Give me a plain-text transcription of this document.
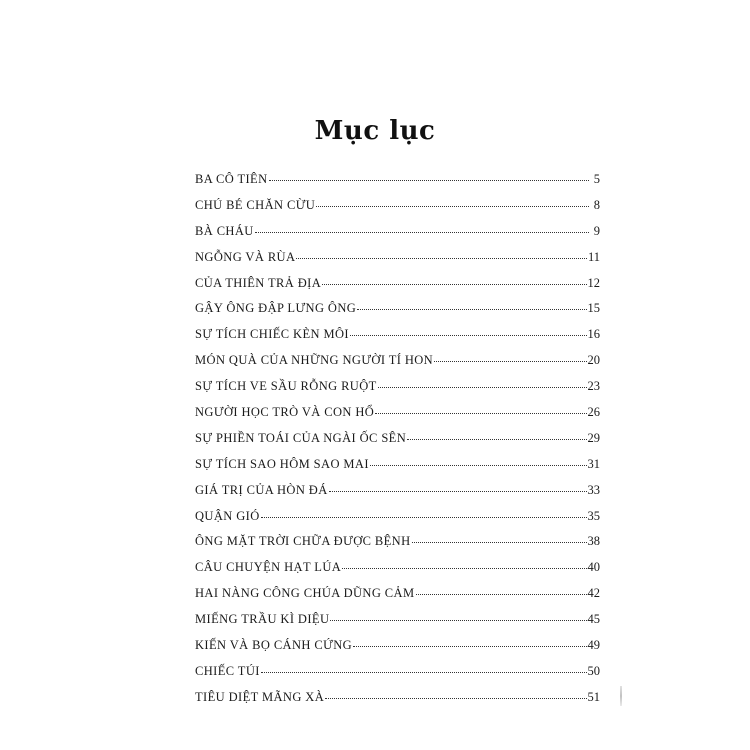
Mục lục
BA CÔ TIÊN	5
CHÚ BÉ CHĂN CỪU	8
BÀ CHÁU	9
NGỖNG VÀ RÙA	11
CỦA THIÊN TRẢ ĐỊA	12
GẬY ÔNG ĐẬP LƯNG ÔNG	15
SỰ TÍCH CHIẾC KÈN MÔI	16
MÓN QUÀ CỦA NHỮNG NGƯỜI TÍ HON	20
SỰ TÍCH VE SẦU RỖNG RUỘT	23
NGƯỜI HỌC TRÒ VÀ CON HỔ	26
SỰ PHIỀN TOÁI CỦA NGÀI ỐC SÊN	29
SỰ TÍCH SAO HÔM SAO MAI	31
GIÁ TRỊ CỦA HÒN ĐÁ	33
QUẬN GIÓ	35
ÔNG MẶT TRỜI CHỮA ĐƯỢC BỆNH	38
CÂU CHUYỆN HẠT LÚA	40
HAI NÀNG CÔNG CHÚA DŨNG CẢM	42
MIẾNG TRẦU KÌ DIỆU	45
KIẾN VÀ BỌ CÁNH CỨNG	49
CHIẾC TÚI	50
TIÊU DIỆT MÃNG XÀ	51
